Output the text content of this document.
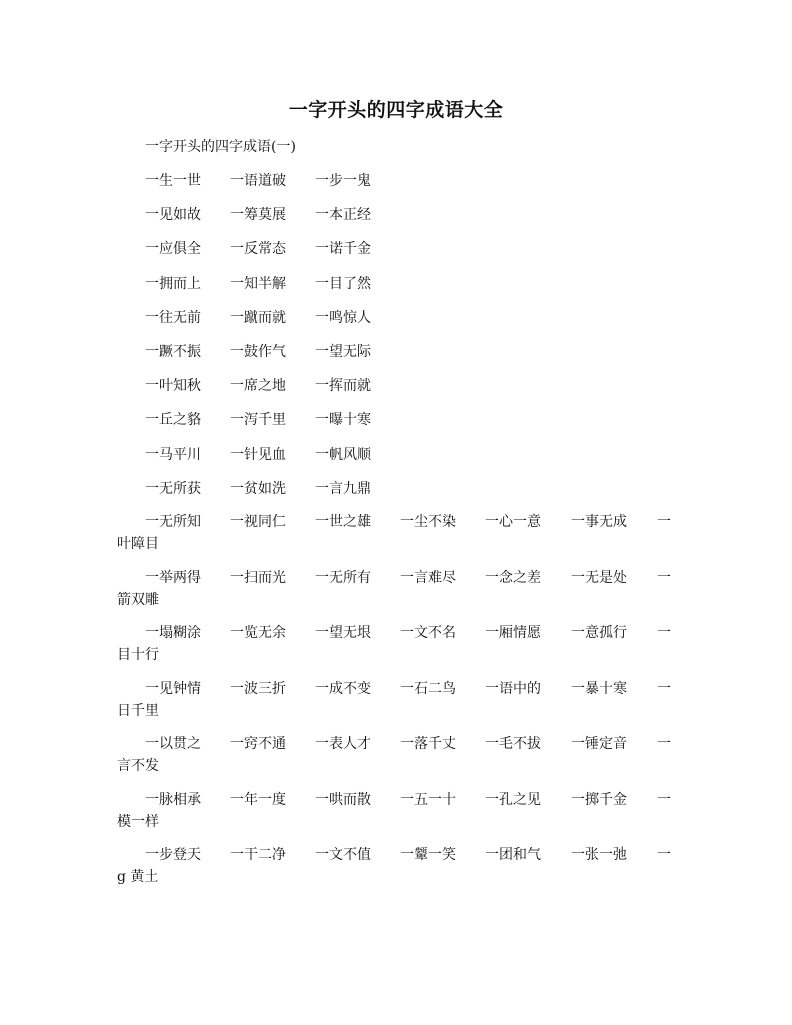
一字开头的四字成语大全
一字开头的四字成语(一)
一生一世 一语道破 一步一鬼
一见如故 一筹莫展 一本正经
一应俱全 一反常态 一诺千金
一拥而上 一知半解 一目了然
一往无前 一蹴而就 一鸣惊人
一蹶不振 一鼓作气 一望无际
一叶知秋 一席之地 一挥而就
一丘之貉 一泻千里 一曝十寒
一马平川 一针见血 一帆风顺
一无所获 一贫如洗 一言九鼎
一无所知 一视同仁 一世之雄 一尘不染 一心一意 一事无成 一
叶障目
一举两得 一扫而光 一无所有 一言难尽 一念之差 一无是处 一
箭双雕
一塌糊涂 一览无余 一望无垠 一文不名 一厢情愿 一意孤行 一
目十行
一见钟情 一波三折 一成不变 一石二鸟 一语中的 一暴十寒 一
日千里
一以贯之 一窍不通 一表人才 一落千丈 一毛不拔 一锤定音 一
言不发
一脉相承 一年一度 一哄而散 一五一十 一孔之见 一掷千金 一
模一样
一步登天 一干二净 一文不值 一颦一笑 一团和气 一张一弛 一
g 黄土
